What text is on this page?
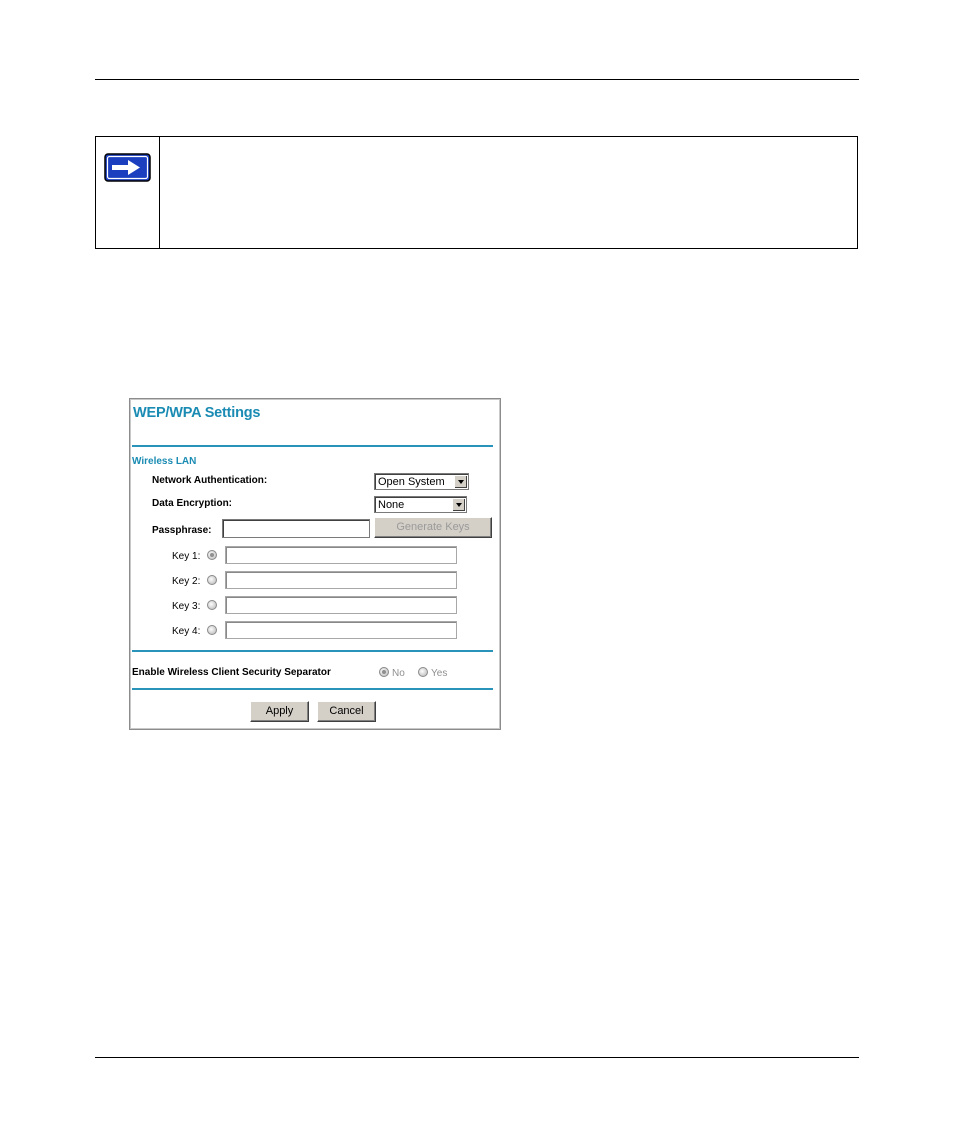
WEP/WPA Settings
Wireless LAN
Network Authentication:	Open System
Data Encryption:	None
Passphrase:	Generate Keys
Key 1:
Key 2:
Key 3:
Key 4:
Enable Wireless Client Security Separator	No	Yes
Apply	Cancel
